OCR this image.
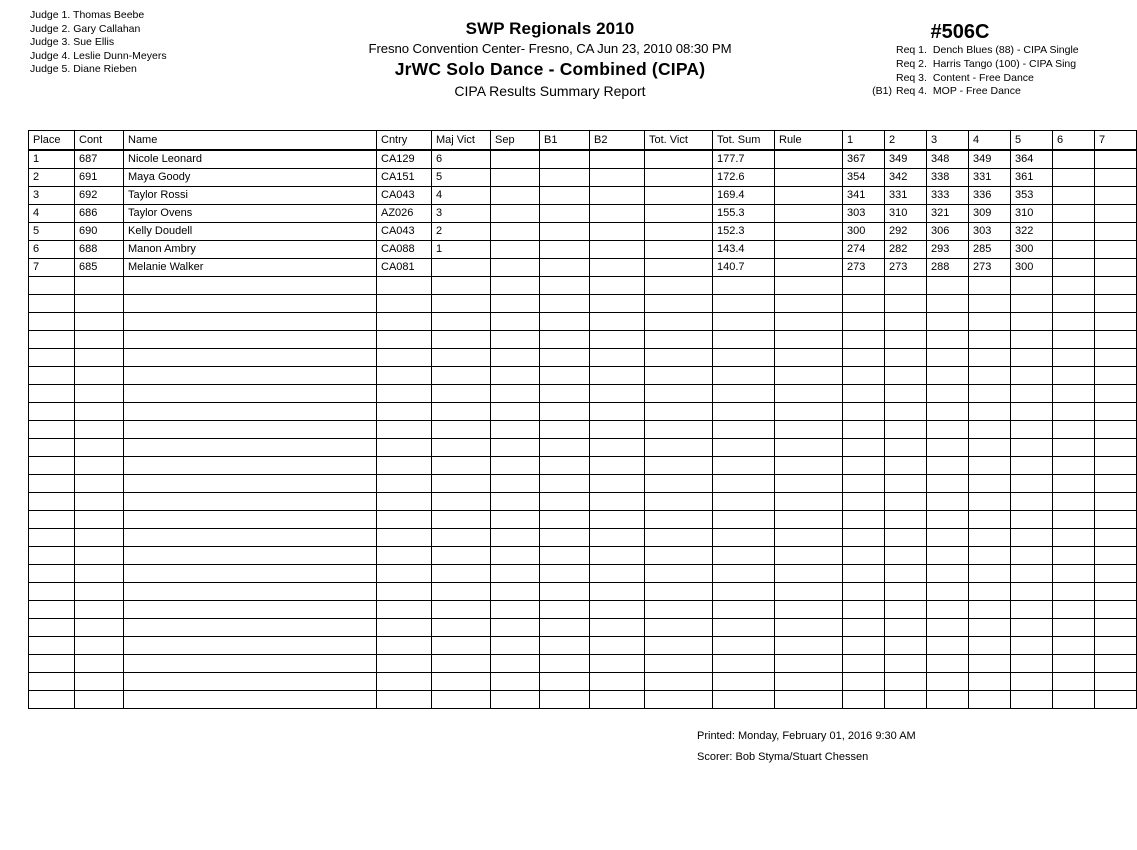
Judge 1. Thomas Beebe
Judge 2. Gary Callahan
Judge 3. Sue Ellis
Judge 4. Leslie Dunn-Meyers
Judge 5. Diane Rieben
SWP Regionals 2010
Fresno Convention Center- Fresno, CA Jun 23, 2010 08:30 PM
JrWC Solo Dance - Combined (CIPA)
CIPA Results Summary Report
#506C
Req 1. Dench Blues (88) - CIPA Single
Req 2. Harris Tango (100) - CIPA Sing
Req 3. Content - Free Dance
(B1) Req 4. MOP - Free Dance
Place	Cont	Name	Cntry	Maj Vict	Sep	B1	B2	Tot. Vict	Tot. Sum	Rule	1	2	3	4	5	6	7
1	687	Nicole Leonard	CA129	6					177.7		367	349	348	349	364		
2	691	Maya Goody	CA151	5					172.6		354	342	338	331	361		
3	692	Taylor Rossi	CA043	4					169.4		341	331	333	336	353		
4	686	Taylor Ovens	AZ026	3					155.3		303	310	321	309	310		
5	690	Kelly Doudell	CA043	2					152.3		300	292	306	303	322		
6	688	Manon Ambry	CA088	1					143.4		274	282	293	285	300		
7	685	Melanie Walker	CA081						140.7		273	273	288	273	300		

Printed: Monday, February 01, 2016 9:30 AM
Scorer: Bob Styma/Stuart Chessen
